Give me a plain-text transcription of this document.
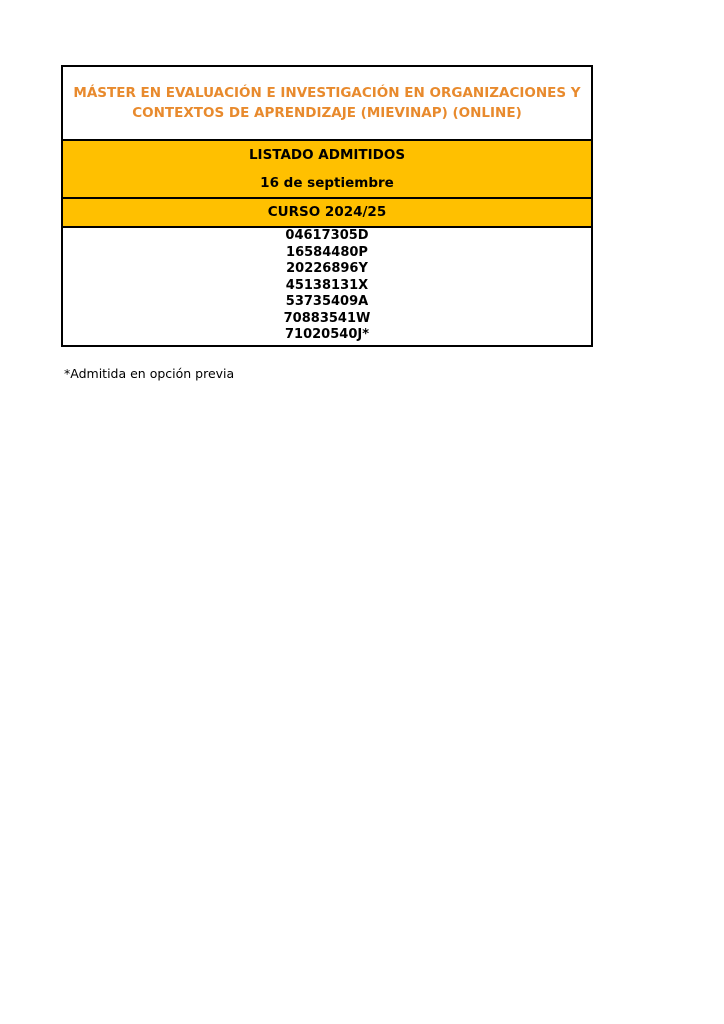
MÁSTER EN EVALUACIÓN E INVESTIGACIÓN EN ORGANIZACIONES Y CONTEXTOS DE APRENDIZAJE (MIEVINAP) (ONLINE)
LISTADO ADMITIDOS
16 de septiembre
CURSO 2024/25
04617305D
16584480P
20226896Y
45138131X
53735409A
70883541W
71020540J*
*Admitida en opción previa
